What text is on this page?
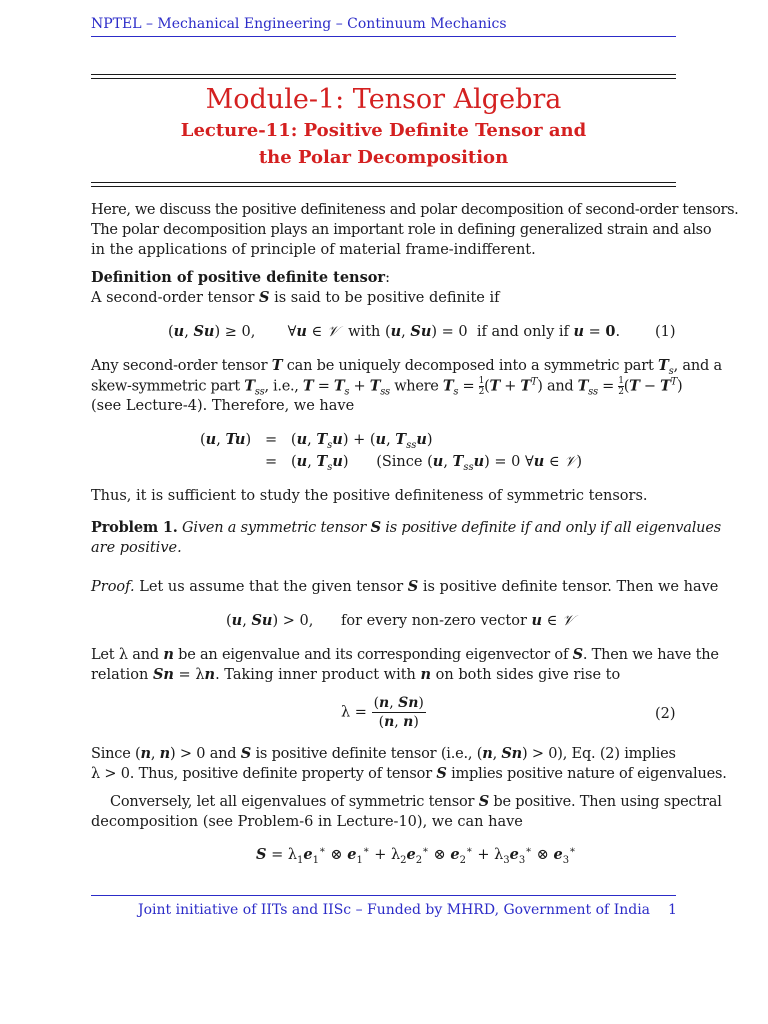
NPTEL – Mechanical Engineering – Continuum Mechanics
Module-1: Tensor Algebra
Lecture-11: Positive Definite Tensor and
the Polar Decomposition
Here, we discuss the positive definiteness and polar decomposition of second-order tensors.
The polar decomposition plays an important role in defining generalized strain and also
in the applications of principle of material frame-indifferent.
Definition of positive definite tensor:
A second-order tensor S is said to be positive definite if
(u, Su) ≥ 0,       ∀u ∈ 𝒱  with (u, Su) = 0  if and only if u = 0. (1)
Any second-order tensor T can be uniquely decomposed into a symmetric part $T_s$, and a
skew-symmetric part $T_{ss}$, i.e., $T = T_s + T_{ss}$ where $T_s = \frac{1}{2} (T + T^T)$ and $T_{ss} = \frac{1}{2} (T - T^T)$
(see Lecture-4). Therefore, we have
(u, Tu)   =   (u, $T_su) + (u$, $T_{ss}u$)
=   (u, $T_su$)      (Since (u, $T_{ss}u) = 0$ ∀u ∈ 𝒱)
Thus, it is sufficient to study the positive definiteness of symmetric tensors.
Problem 1. Given a symmetric tensor S is positive definite if and only if all eigenvalues
are positive.
Proof. Let us assume that the given tensor S is positive definite tensor. Then we have
(u, Su) > 0,      for every non-zero vector u ∈ 𝒱
Let λ and n be an eigenvalue and its corresponding eigenvector of S. Then we have the
relation Sn = λn. Taking inner product with n on both sides give rise to
$\lambda = \frac{(n, Sn)}{(n, n)}$	(2)
Since (n, n) > 0 and S is positive definite tensor (i.e., (n, Sn) > 0), Eq. (2) implies
λ > 0. Thus, positive definite property of tensor S implies positive nature of eigenvalues.
Conversely, let all eigenvalues of symmetric tensor S be positive. Then using spectral
decomposition (see Problem-6 in Lecture-10), we can have
$S = \lambda_1e_1^∗$ ⊗ $e_1^∗ + \lambda_2e_2^∗$ ⊗ $e_2^∗ + \lambda_3e_3^∗$ ⊗ $e_3^∗$
Joint initiative of IITs and IISc – Funded by MHRD, Government of India 1
